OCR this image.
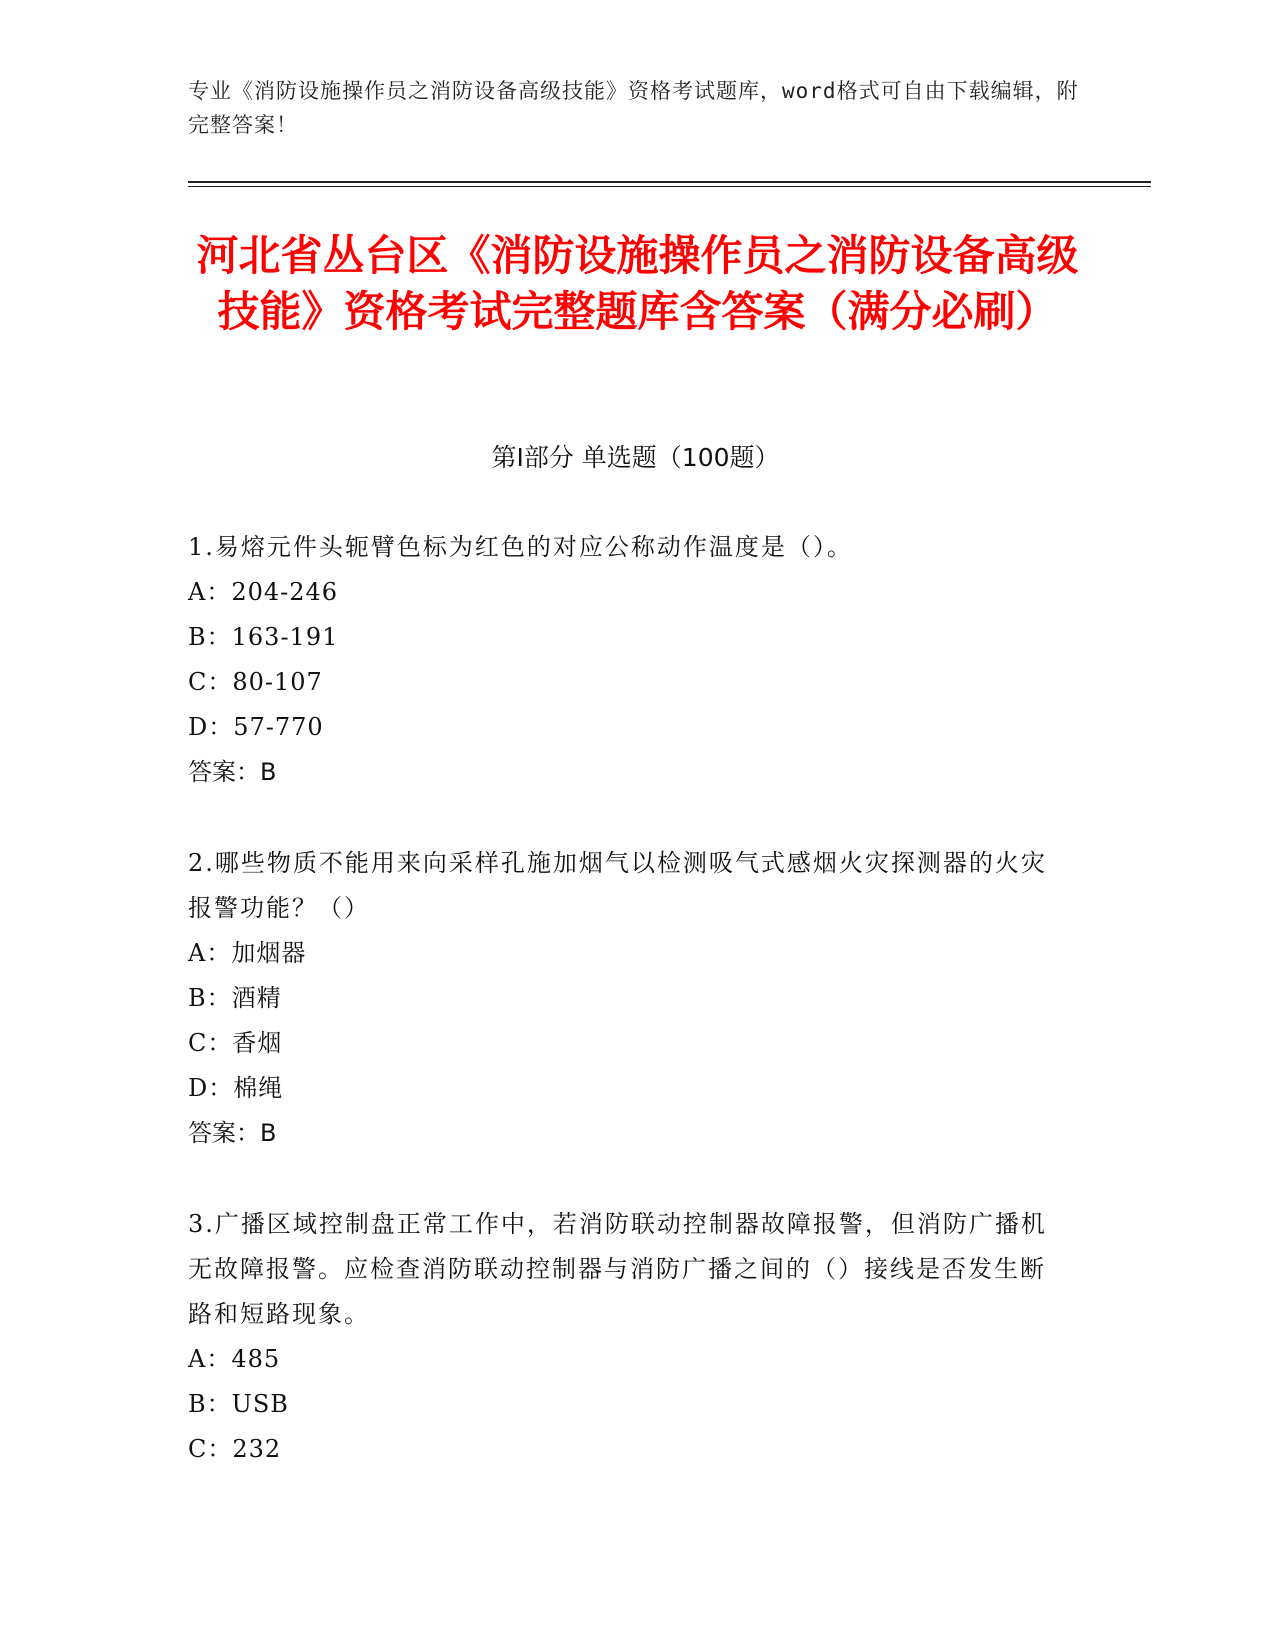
专业《消防设施操作员之消防设备高级技能》资格考试题库，word格式可自由下载编辑，附完整答案！
河北省丛台区《消防设施操作员之消防设备高级技能》资格考试完整题库含答案（满分必刷）
第Ⅰ部分 单选题（100题）

1.易熔元件头轭臂色标为红色的对应公称动作温度是（）。

A：204-246

B：163-191

C：80-107

D：57-770

答案：B

2.哪些物质不能用来向采样孔施加烟气以检测吸气式感烟火灾探测器的火灾报警功能？（）

A：加烟器

B：酒精

C：香烟

D：棉绳

答案：B

3.广播区域控制盘正常工作中，若消防联动控制器故障报警，但消防广播机无故障报警。应检查消防联动控制器与消防广播之间的（）接线是否发生断路和短路现象。

A：485

B：USB

C：232
